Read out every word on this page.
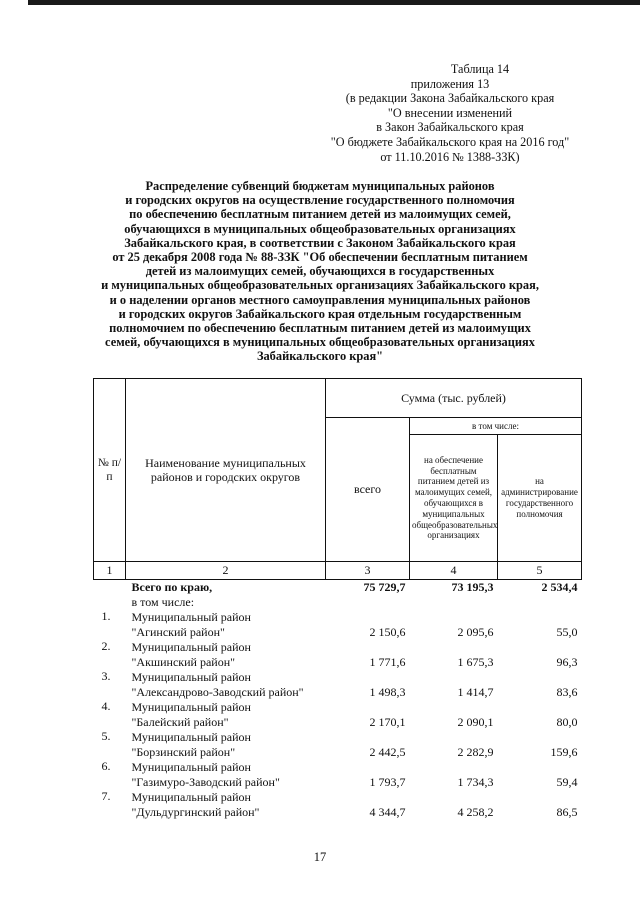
Таблица 14
приложения 13
(в редакции Закона Забайкальского края
"О внесении изменений
в Закон Забайкальского края
"О бюджете Забайкальского края на 2016 год"
от 11.10.2016 № 1388-ЗЗК)
Распределение субвенций бюджетам муниципальных районов
и городских округов на осуществление государственного полномочия
по обеспечению бесплатным питанием детей из малоимущих семей,
обучающихся в муниципальных общеобразовательных организациях
Забайкальского края, в соответствии с Законом Забайкальского края
от 25 декабря 2008 года № 88-ЗЗК "Об обеспечении бесплатным питанием
детей из малоимущих семей, обучающихся в государственных
и муниципальных общеобразовательных организациях Забайкальского края,
и о наделении органов местного самоуправления муниципальных районов
и городских округов Забайкальского края отдельным государственным
полномочием по обеспечению бесплатным питанием детей из малоимущих
семей, обучающихся в муниципальных общеобразовательных организациях
Забайкальского края"
№ п/п	Наименование муниципальных районов и городских округов	Сумма (тыс. рублей)		
		всего	в том числе:	
			на обеспечение бесплатным питанием детей из малоимущих семей, обучающихся в муниципальных общеобразовательных организациях	на администрирование государственного полномочия
1	2	3	4	5
	Всего по краю,	75 729,7	73 195,3	2 534,4
	в том числе:			
1.	Муниципальный район
"Агинский район"	2 150,6	2 095,6	55,0
2.	Муниципальный район
"Акшинский район"	1 771,6	1 675,3	96,3
3.	Муниципальный район
"Александрово-Заводский район"	1 498,3	1 414,7	83,6
4.	Муниципальный район
"Балейский район"	2 170,1	2 090,1	80,0
5.	Муниципальный район
"Борзинский район"	2 442,5	2 282,9	159,6
6.	Муниципальный район
"Газимуро-Заводский район"	1 793,7	1 734,3	59,4
7.	Муниципальный район
"Дульдургинский район"	4 344,7	4 258,2	86,5
17
